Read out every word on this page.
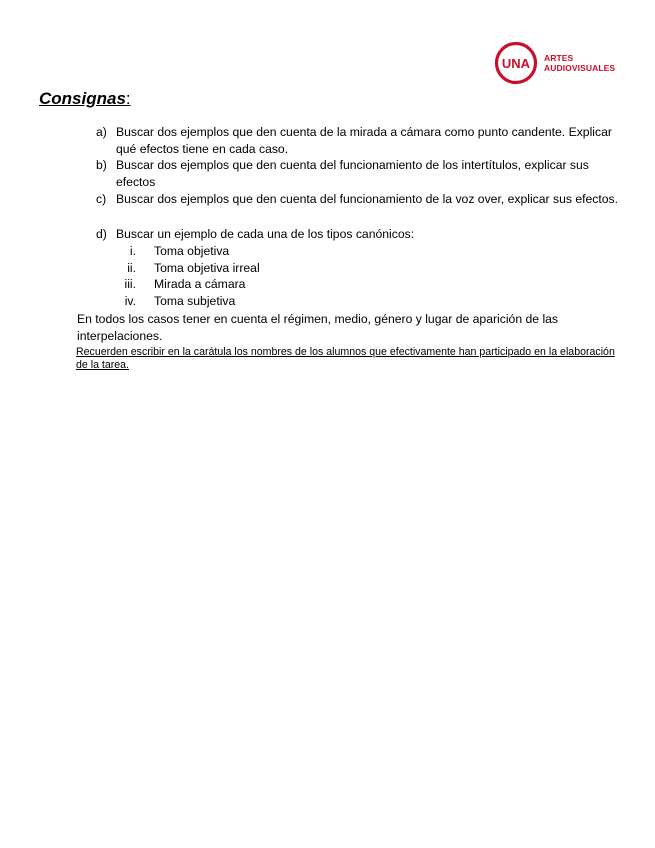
UNA ARTES
AUDIOVISUALES
Consignas:
a) Buscar dos ejemplos que den cuenta de la mirada a cámara como punto candente. Explicar qué efectos tiene en cada caso.
b) Buscar dos ejemplos que den cuenta del funcionamiento de los intertítulos, explicar sus efectos
c) Buscar dos ejemplos que den cuenta del funcionamiento de la voz over, explicar sus efectos.
d) Buscar un ejemplo de cada una de los tipos canónicos:
i. Toma objetiva
ii. Toma objetiva irreal
iii. Mirada a cámara
iv. Toma subjetiva
En todos los casos tener en cuenta el régimen, medio, género y lugar de aparición de las interpelaciones.
Recuerden escribir en la carátula los nombres de los alumnos que efectivamente han participado en la elaboración de la tarea.
